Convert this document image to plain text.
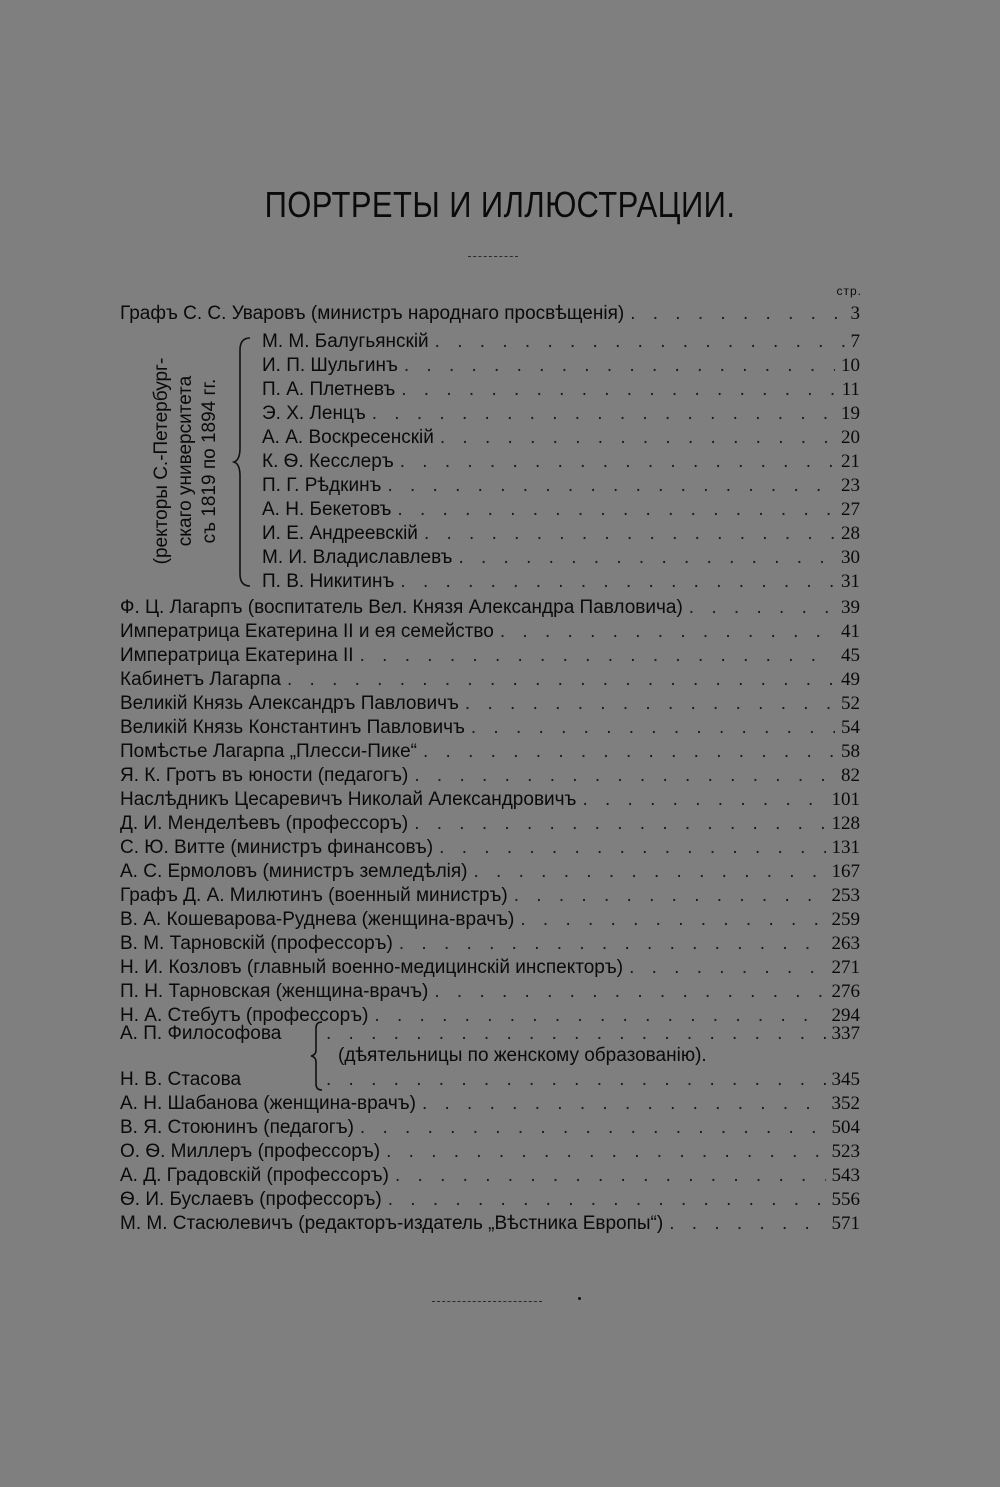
ПОРТРЕТЫ И ИЛЛЮСТРАЦИИ.
стр.
Графъ С. С. Уваровъ (министръ народнаго просвѣщенія) . . .	3
(ректоры С.-Петербург- скаго университета съ 1819 по 1894 гг.
М. М. Балугьянскій . . .	7
И. П. Шульгинъ . . .	10
П. А. Плетневъ . . .	11
Э. Х. Ленцъ . . .	19
А. А. Воскресенскій . . .	20
К. Ѳ. Кесслеръ . . .	21
П. Г. Рѣдкинъ . . .	23
А. Н. Бекетовъ . . .	27
И. Е. Андреевскій . . .	28
М. И. Владиславлевъ . . .	30
П. В. Никитинъ . . .	31
Ф. Ц. Лагарпъ (воспитатель Вел. Князя Александра Павловича) . . .	39
Императрица Екатерина II и ея семейство . . .	41
Императрица Екатерина II . . .	45
Кабинетъ Лагарпа . . .	49
Великій Князь Александръ Павловичъ . . .	52
Великій Князь Константинъ Павловичъ . . .	54
Помѣстье Лагарпа „Плесси-Пике“ . . .	58
Я. К. Гротъ въ юности (педагогъ) . . .	82
Наслѣдникъ Цесаревичъ Николай Александровичъ . . .	101
Д. И. Менделѣевъ (профессоръ) . . .	128
С. Ю. Витте (министръ финансовъ) . . .	131
А. С. Ермоловъ (министръ земледѣлія) . . .	167
Графъ Д. А. Милютинъ (военный министръ) . . .	253
В. А. Кошеварова-Руднева (женщина-врачъ) . . .	259
В. М. Тарновскій (профессоръ) . . .	263
Н. И. Козловъ (главный военно-медицинскій инспекторъ) . . .	271
П. Н. Тарновская (женщина-врачъ) . . .	276
Н. А. Стебутъ (профессоръ) . . .	294
А. П. Философова . . .	337
(дѣятельницы по женскому образованію).
Н. В. Стасова . . .	345
А. Н. Шабанова (женщина-врачъ) . . .	352
В. Я. Стоюнинъ (педагогъ) . . .	504
О. Ѳ. Миллеръ (профессоръ) . . .	523
А. Д. Градовскій (профессоръ) . . .	543
Ѳ. И. Буслаевъ (профессоръ) . . .	556
М. М. Стасюлевичъ (редакторъ-издатель „Вѣстника Европы“) . . .	571
